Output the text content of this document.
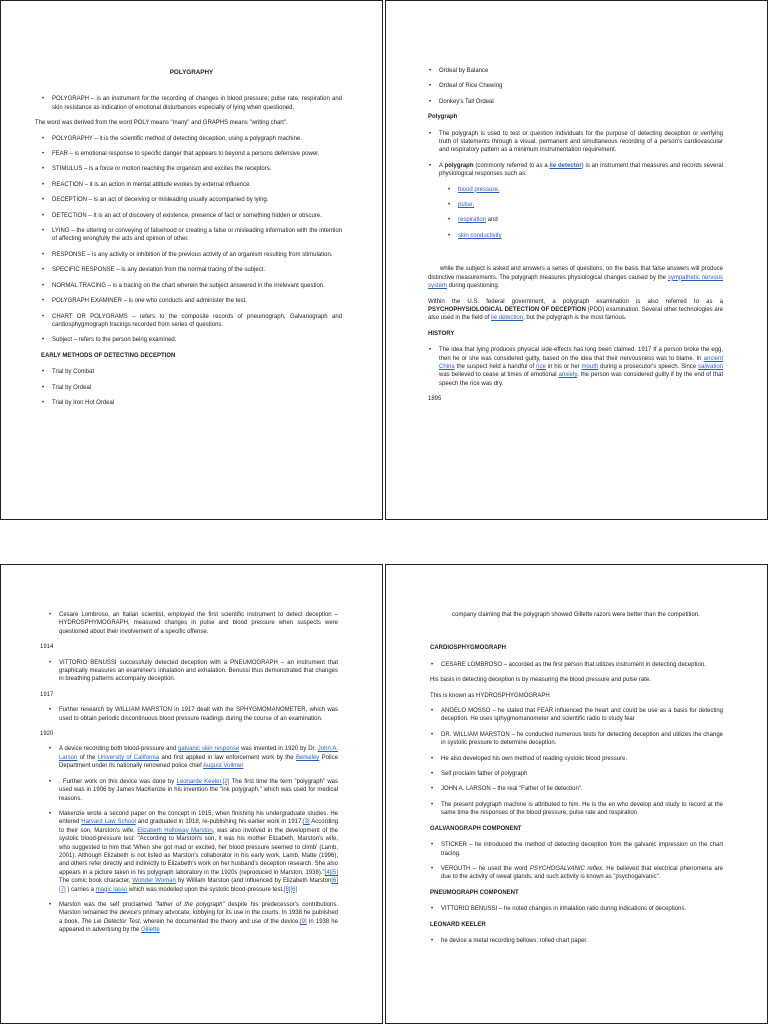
POLYGRAPHY
• POLYGRAPH – is an instrument for the recording of changes in blood pressure; pulse rate, respiration and skin resistance as indication of emotional disturbances especially of lying when questioned.
The word was derived from the word POLY means "many" and GRAPHS means "writing chart".
• POLYGRAPHY – it is the scientific method of detecting deception, using a polygraph machine.
• FEAR – is emotional response to specific danger that appears to beyond a persons defensive power.
• STIMULUS – is a force or motion reaching the organism and excites the receptors.
• REACTION – it is an action in mental attitude evokes by external influence.
• DECEPTION – is an act of deceiving or misleading usually accompanied by lying.
• DETECTION – It is an act of discovery of existence, presence of fact or something hidden or obscure.
• LYING – the uttering or conveying of falsehood or creating a false or misleading information with the intention of affecting wrongfully the acts and opinion of other.
• RESPONSE – is any activity or inhibition of the previous activity of an organism resulting from stimulation.
• SPECIFIC RESPONSE – is any deviation from the normal tracing of the subject.
• NORMAL TRACING – is a tracing on the chart wherein the subject answered in the irrelevant question.
• POLYGRAPH EXAMINER – is one who conducts and administer the test.
• CHART OR POLYGRAMS – refers to the composite records of pneumograph, Galvanograph and cardiosphygmograph tracings recorded from series of questions.
• Subject – refers to the person being examined.
EARLY METHODS OF DETECTING DECEPTION
• Trial by Combat
• Trial by Ordeal
• Trial by Iron Hot Ordeal
• Ordeal by Balance
• Ordeal of Rice Chewing
• Donkey's Tall Ordeal
Polygraph
• The polygraph is used to test or question individuals for the purpose of detecting deception or verifying truth of statements through a visual, permanent and simultaneous recording of a person's cardiovascular and respiratory pattern as a minimum instrumentation requirement.
• A polygraph (commonly referred to as a lie detector) is an instrument that measures and records several physiological responses such as:
• blood pressure,
• pulse,
• respiration and
• skin conductivity
while the subject is asked and answers a series of questions, on the basis that false answers will produce distinctive measurements. The polygraph measures physiological changes caused by the sympathetic nervous system during questioning.
Within the U.S. federal government, a polygraph examination is also referred to as a PSYCHOPHYSIOLOGICAL DETECTION OF DECEPTION (PDD) examination. Several other technologies are also used in the field of lie detection, but the polygraph is the most famous.
HISTORY
• The idea that lying produces physical side-effects has long been claimed. 1917 If a person broke the egg, then he or she was considered guilty, based on the idea that their nervousness was to blame. In ancient China the suspect held a handful of rice in his or her mouth during a prosecutor's speech. Since salivation was believed to cease at times of emotional anxiety, the person was considered guilty if by the end of that speech the rice was dry.
1895
• Cesare Lombroso, an Italian scientist, employed the first scientific instrument to detect deception – HYDROSPHYMOGRAPH, measured changes in pulse and blood pressure when suspects were questioned about their involvement of a specific offense.
1914
• VITTORIO BENUSSI successfully detected deception with a PNEUMOGRAPH – an instrument that graphically measures an examinee's inhalation and exhalation. Benussi thus demonstrated that changes in breathing patterns accompany deception.
1917
• Further research by WILLIAM MARSTON in 1917 dealt with the SPHYGMOMANOMETER, which was used to obtain periodic discontinuous blood pressure readings during the course of an examination.
1920
• A device recording both blood-pressure and galvanic skin response was invented in 1920 by Dr. John A. Larson of the University of California and first applied in law enforcement work by the Berkeley Police Department under its nationally renowned police chief August Vollmer
• . Further work on this device was done by Leonarde Keeler.[2] The first time the term "polygraph" was used was in 1906 by James MacKenzie in his invention the "ink polygraph," which was used for medical reasons.
• Makenzie wrote a second paper on the concept in 1915, when finishing his undergraduate studies. He entered Harvard Law School and graduated in 1918, re-publishing his earlier work in 1917.[3] According to their son, Marston's wife, Elizabeth Holloway Marston, was also involved in the development of the systolic blood-pressure test: "According to Marston's son, it was his mother Elizabeth, Marston's wife, who suggested to him that 'When she got mad or excited, her blood pressure seemed to climb' (Lamb, 2001). Although Elizabeth is not listed as Marston's collaborator in his early work, Lamb, Matte (1996), and others refer directly and indirectly to Elizabeth's work on her husband's deception research. She also appears in a picture taken in his polygraph laboratory in the 1920s (reproduced in Marston, 1938)."[4][5] The comic book character, Wonder Woman by William Marston (and influenced by Elizabeth Marston[6][7] ) carries a magic lasso which was modelled upon the systolic blood-pressure test.[8][6]
• Marston was the self proclaimed "father of the polygraph" despite his predecessor's contributions. Marston remained the device's primary advocate, lobbying for its use in the courts. In 1938 he published a book, The Lie Detector Test, wherein he documented the theory and use of the device.[9] In 1938 he appeared in advertising by the Gillette
company claiming that the polygraph showed Gillette razors were better than the competition.
CARDIOSPHYGMOGRAPH
• CESARE LOMBROSO – accorded as the first person that utilizes instrument in detecting deception.
His basis in detecting deception is by measuring the blood pressure and pulse rate.
This is known as HYDROSPHYGMOGRAPH
• ANGELO MOSSO – he stated that FEAR influenced the heart and could be use as a basis for detecting deception. He uses sphygmomanometer and scientific radio to study fear
• DR. WILLIAM MARSTON – he conducted numerous tests for detecting deception and utilizes the change in systolic pressure to determine deception.
• He also developed his own method of reading systolic blood pressure.
• Self proclaim father of polygraph
• JOHN A. LARSON – the real "Father of lie detection".
• The present polygraph machine is attributed to him. He is the en who develop and study to record at the same time the responses of the blood pressure, pulse rate and respiration
GALVANOGRAPH COMPONENT
• STICKER – he introduced the method of detecting deception from the galvanic impression on the chart tracing.
• VERGUTH – he used the word PSYCHOGALVANIC reflex. He believed that electrical phenomena are due to the activity of sweat glands, and such activity is known as "psychogalvanic".
PNEUMOGRAPH COMPONENT
• VITTORIO BENUSSI – he noted changes in inhalation ratio during indications of deceptions.
LEONARD KEELER
• he device a metal recording bellows; rolled chart paper.
